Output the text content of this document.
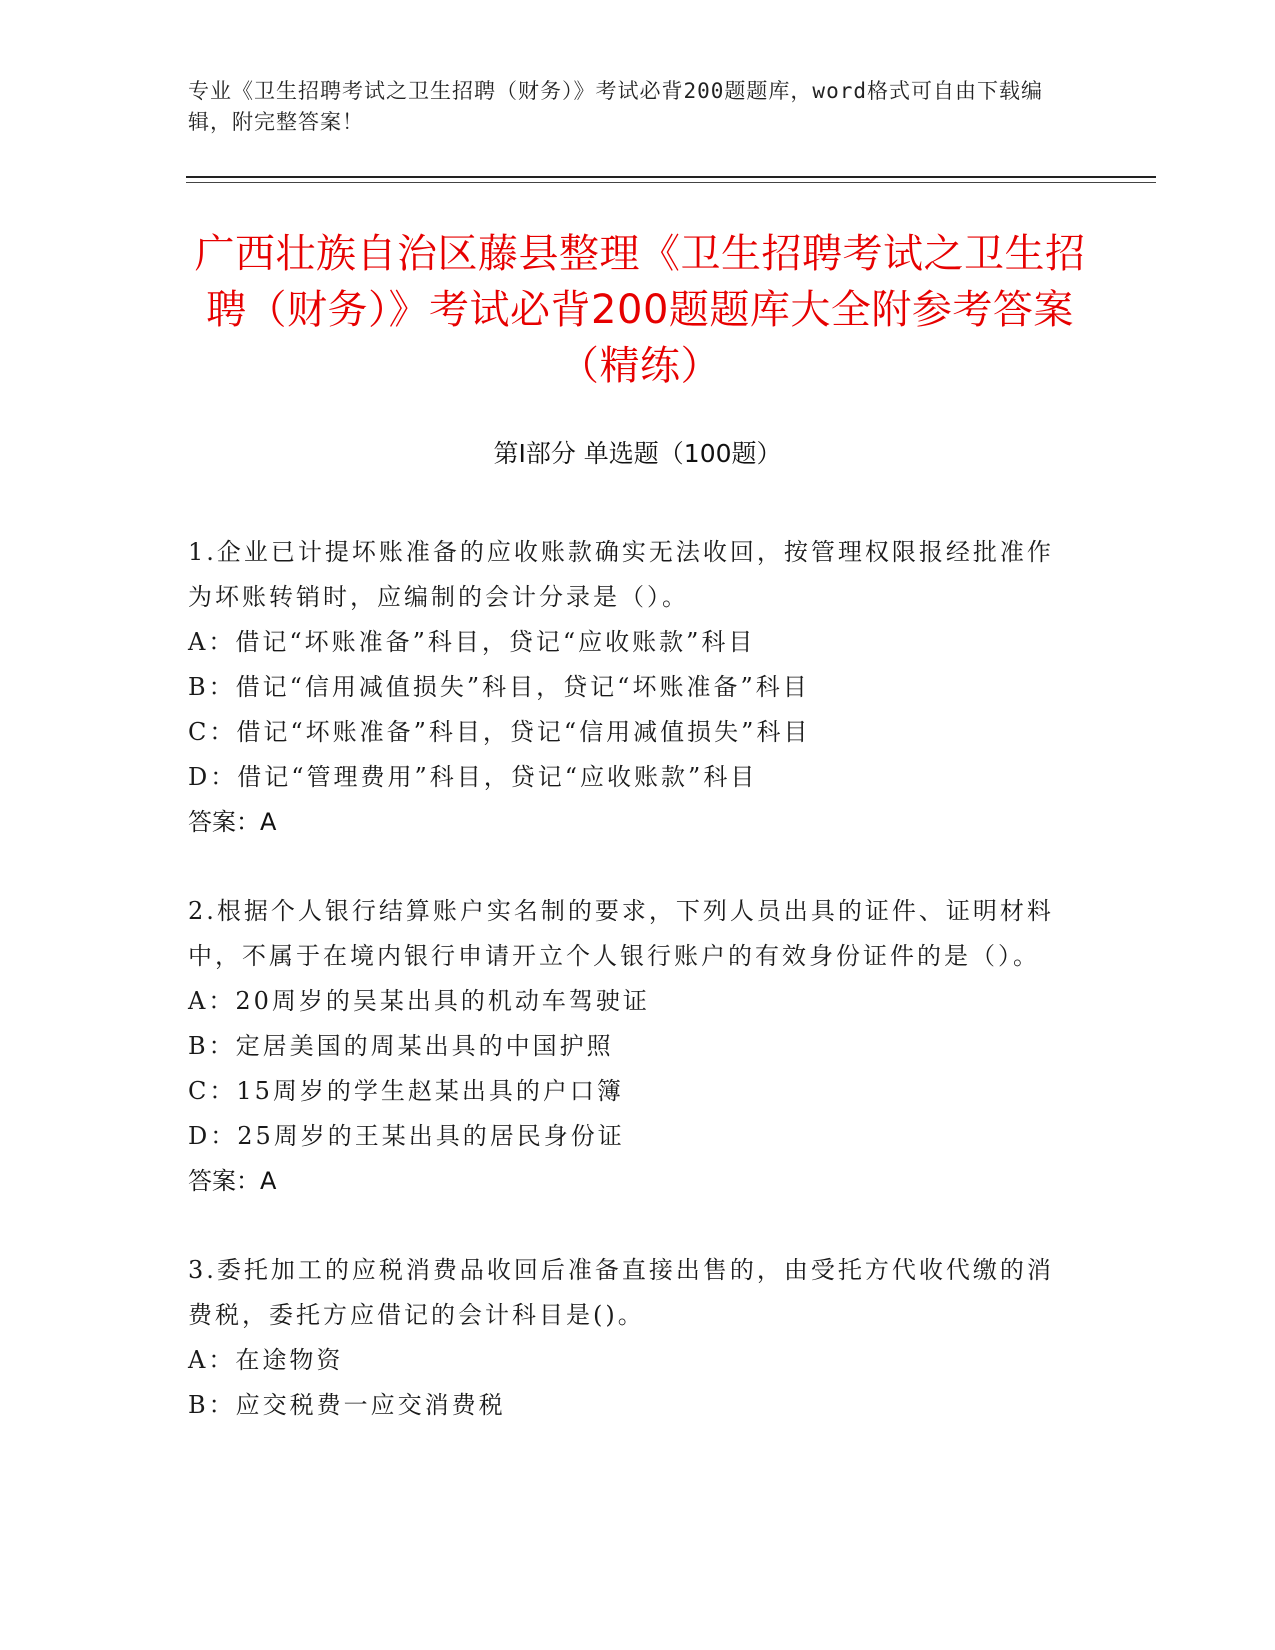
专业《卫生招聘考试之卫生招聘（财务）》考试必背200题题库，word格式可自由下载编辑，附完整答案！
广西壮族自治区藤县整理《卫生招聘考试之卫生招聘（财务）》考试必背200题题库大全附参考答案（精练）
第Ⅰ部分 单选题（100题）
1.企业已计提坏账准备的应收账款确实无法收回，按管理权限报经批准作为坏账转销时，应编制的会计分录是（）。
A：借记“坏账准备”科目，贷记“应收账款”科目
B：借记“信用减值损失”科目，贷记“坏账准备”科目
C：借记“坏账准备”科目，贷记“信用减值损失”科目
D：借记“管理费用”科目，贷记“应收账款”科目
答案：A
2.根据个人银行结算账户实名制的要求，下列人员出具的证件、证明材料中，不属于在境内银行申请开立个人银行账户的有效身份证件的是（）。
A：20周岁的吴某出具的机动车驾驶证
B：定居美国的周某出具的中国护照
C：15周岁的学生赵某出具的户口簿
D：25周岁的王某出具的居民身份证
答案：A
3.委托加工的应税消费品收回后准备直接出售的，由受托方代收代缴的消费税，委托方应借记的会计科目是()。
A：在途物资
B：应交税费一应交消费税
